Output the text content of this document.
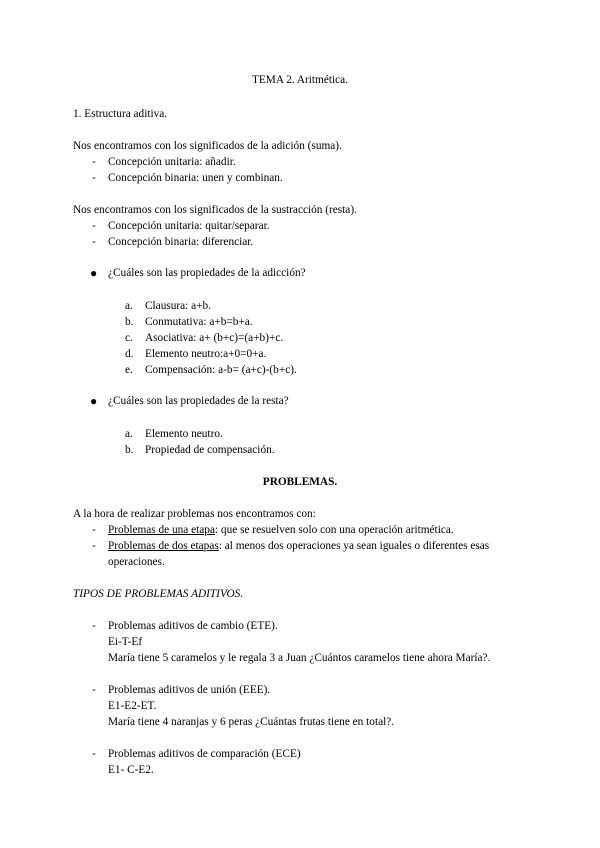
TEMA 2. Aritmética.
1. Estructura aditiva.
Nos encontramos con los significados de la adición (suma).
- Concepción unitaria: añadir.
- Concepción binaria: unen y combinan.
Nos encontramos con los significados de la sustracción (resta).
- Concepción unitaria: quitar/separar.
- Concepción binaria: diferenciar.
● ¿Cuáles son las propiedades de la adicción?
a. Clausura: a+b.
b. Conmutativa: a+b=b+a.
c. Asociativa: a+ (b+c)=(a+b)+c.
d. Elemento neutro:a+0=0+a.
e. Compensación: a-b= (a+c)-(b+c).
● ¿Cuáles son las propiedades de la resta?
a. Elemento neutro.
b. Propiedad de compensación.
PROBLEMAS.
A la hora de realizar problemas nos encontramos con:
- Problemas de una etapa: que se resuelven solo con una operación aritmética.
- Problemas de dos etapas: al menos dos operaciones ya sean iguales o diferentes esas
operaciones.
TIPOS DE PROBLEMAS ADITIVOS.
- Problemas aditivos de cambio (ETE).
Ei-T-Ef
María tiene 5 caramelos y le regala 3 a Juan ¿Cuántos caramelos tiene ahora María?.
- Problemas aditivos de unión (EEE).
E1-E2-ET.
María tiene 4 naranjas y 6 peras ¿Cuántas frutas tiene en total?.
- Problemas aditivos de comparación (ECE)
E1- C-E2.
